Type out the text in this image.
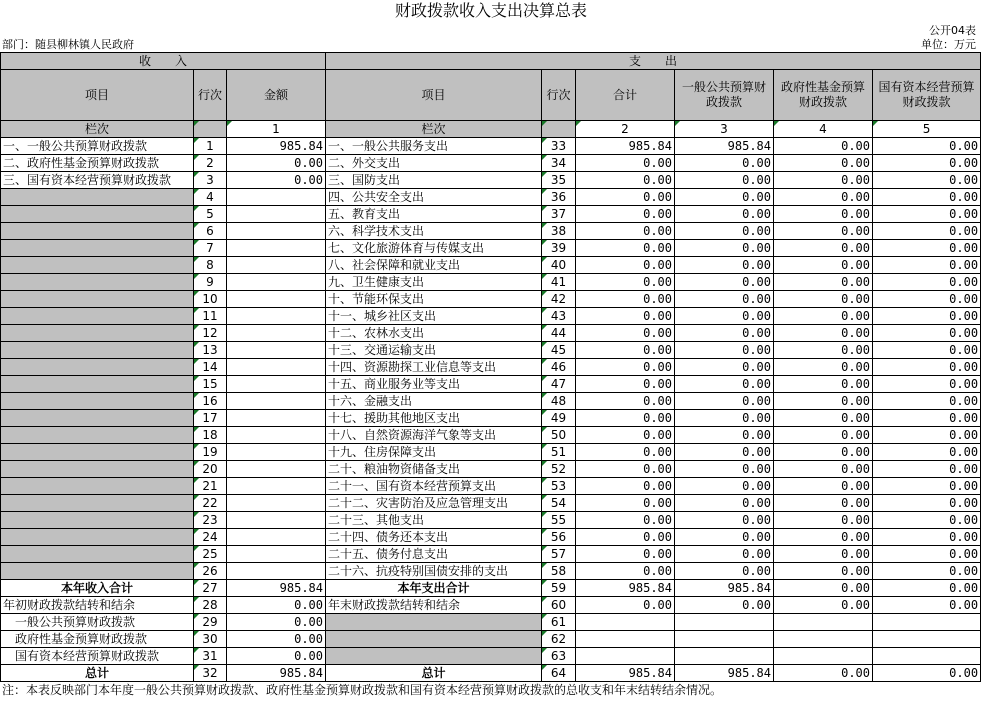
财政拨款收入支出决算总表
公开04表
部门：随县柳林镇人民政府	单位：万元
收　　入			支　　出					
项目	行次	金额	项目	行次	合计	一般公共预算财政拨款	政府性基金预算财政拨款	国有资本经营预算财政拨款
栏次		1	栏次		2	3	4	5
一、一般公共预算财政拨款	1	985.84	一、一般公共服务支出	33	985.84	985.84	0.00	0.00
二、政府性基金预算财政拨款	2	0.00	二、外交支出	34	0.00	0.00	0.00	0.00
三、国有资本经营预算财政拨款	3	0.00	三、国防支出	35	0.00	0.00	0.00	0.00
	4		四、公共安全支出	36	0.00	0.00	0.00	0.00
	5		五、教育支出	37	0.00	0.00	0.00	0.00
	6		六、科学技术支出	38	0.00	0.00	0.00	0.00
	7		七、文化旅游体育与传媒支出	39	0.00	0.00	0.00	0.00
	8		八、社会保障和就业支出	40	0.00	0.00	0.00	0.00
	9		九、卫生健康支出	41	0.00	0.00	0.00	0.00
	10		十、节能环保支出	42	0.00	0.00	0.00	0.00
	11		十一、城乡社区支出	43	0.00	0.00	0.00	0.00
	12		十二、农林水支出	44	0.00	0.00	0.00	0.00
	13		十三、交通运输支出	45	0.00	0.00	0.00	0.00
	14		十四、资源勘探工业信息等支出	46	0.00	0.00	0.00	0.00
	15		十五、商业服务业等支出	47	0.00	0.00	0.00	0.00
	16		十六、金融支出	48	0.00	0.00	0.00	0.00
	17		十七、援助其他地区支出	49	0.00	0.00	0.00	0.00
	18		十八、自然资源海洋气象等支出	50	0.00	0.00	0.00	0.00
	19		十九、住房保障支出	51	0.00	0.00	0.00	0.00
	20		二十、粮油物资储备支出	52	0.00	0.00	0.00	0.00
	21		二十一、国有资本经营预算支出	53	0.00	0.00	0.00	0.00
	22		二十二、灾害防治及应急管理支出	54	0.00	0.00	0.00	0.00
	23		二十三、其他支出	55	0.00	0.00	0.00	0.00
	24		二十四、债务还本支出	56	0.00	0.00	0.00	0.00
	25		二十五、债务付息支出	57	0.00	0.00	0.00	0.00
	26		二十六、抗疫特别国债安排的支出	58	0.00	0.00	0.00	0.00
本年收入合计	27	985.84	本年支出合计	59	985.84	985.84	0.00	0.00
年初财政拨款结转和结余	28	0.00	年末财政拨款结转和结余	60	0.00	0.00	0.00	0.00
一般公共预算财政拨款	29	0.00		61				
政府性基金预算财政拨款	30	0.00		62				
国有资本经营预算财政拨款	31	0.00		63				
总计	32	985.84	总计	64	985.84	985.84	0.00	0.00
注：本表反映部门本年度一般公共预算财政拨款、政府性基金预算财政拨款和国有资本经营预算财政拨款的总收支和年末结转结余情况。
